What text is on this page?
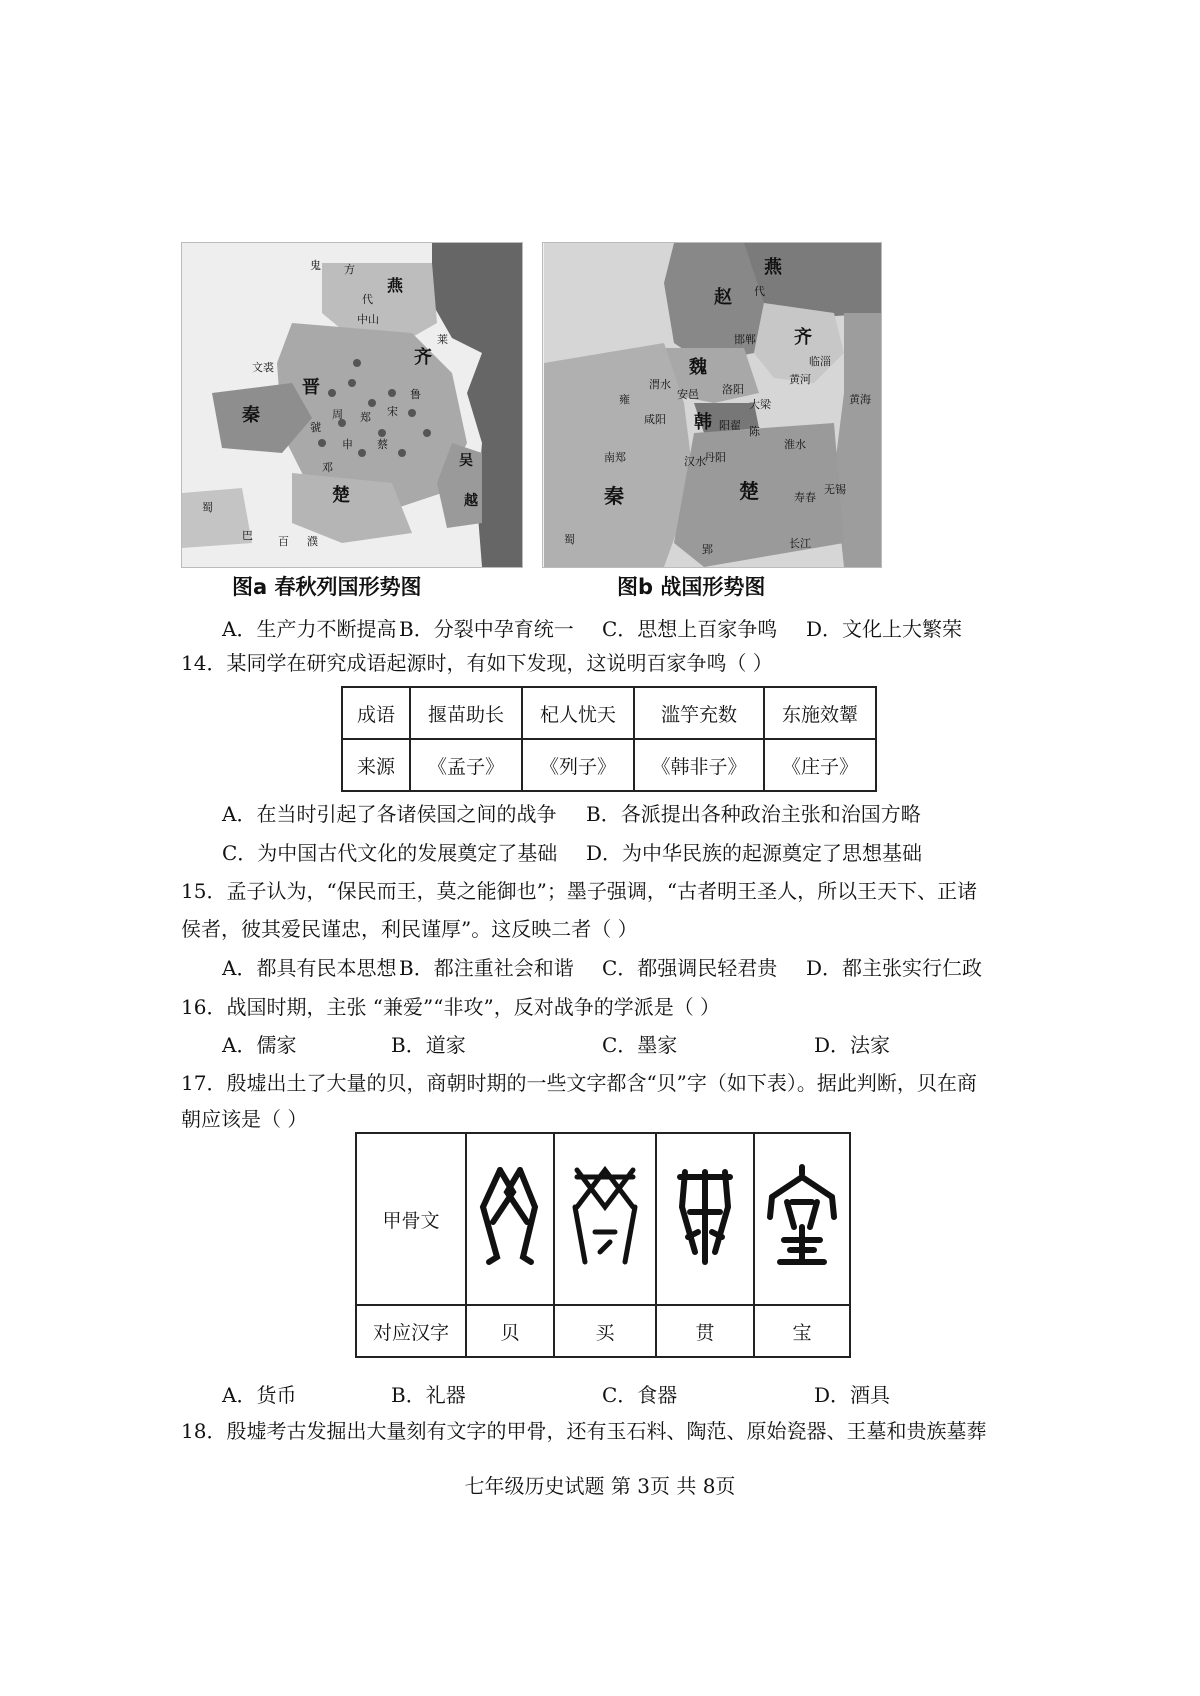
鬼 方
燕
代
中山
莱
齐
文裘
晋
秦	周 郑 宋
鲁
虢
申 蔡
邓
楚
吴
越
蜀
巴 百 濮
图a 春秋列国形势图
燕
赵 代
齐
临淄
邯郸
魏
安邑 洛阳
大梁
韩 阳翟
雍
咸阳
秦
南郑	丹阳
陈
楚	寿春
无锡
蜀
郢
黄河
渭水
汉水
淮水
长江
黄海
图b 战国形势图
A．生产力不断提高 B．分裂中孕育统一 C．思想上百家争鸣 D．文化上大繁荣
14．某同学在研究成语起源时，有如下发现，这说明百家争鸣（ ）
成语	揠苗助长	杞人忧天	滥竽充数	东施效颦
来源	《孟子》	《列子》	《韩非子》	《庄子》
A．在当时引起了各诸侯国之间的战争 B．各派提出各种政治主张和治国方略
C．为中国古代文化的发展奠定了基础 D．为中华民族的起源奠定了思想基础
15．孟子认为，“保民而王，莫之能御也”；墨子强调，“古者明王圣人，所以王天下、正诸
侯者，彼其爱民谨忠，利民谨厚”。这反映二者（ ）
A．都具有民本思想 B．都注重社会和谐 C．都强调民轻君贵 D．都主张实行仁政
16．战国时期，主张 “兼爱”“非攻”，反对战争的学派是（ ）
A．儒家	B．道家	C．墨家	D．法家
17．殷墟出土了大量的贝，商朝时期的一些文字都含“贝”字（如下表）。据此判断，贝在商
朝应该是（ ）
甲骨文				
对应汉字	贝	买	贯	宝
A．货币	B．礼器	C．食器	D．酒具
18．殷墟考古发掘出大量刻有文字的甲骨，还有玉石料、陶范、原始瓷器、王墓和贵族墓葬
七年级历史试题 第 3页 共 8页
